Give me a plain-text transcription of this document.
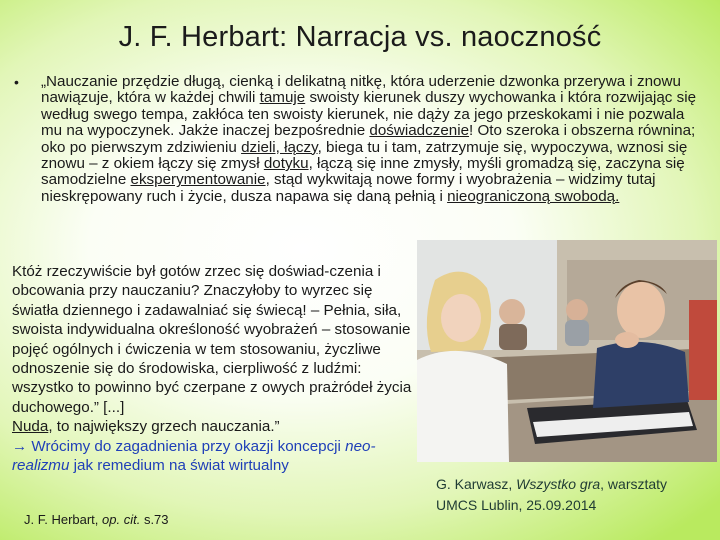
J. F. Herbart: Narracja vs. naoczność
• „Nauczanie przędzie długą, cienką i delikatną nitkę, która uderzenie dzwonka przerywa i znowu nawiązuje, która w każdej chwili tamuje swoisty kierunek duszy wychowanka i która rozwijając się według swego tempa, zakłóca ten swoisty kierunek, nie dąży za jego przeskokami i nie pozwala mu na wypoczynek. Jakże inaczej bezpośrednie doświadczenie! Oto szeroka i obszerna równina; oko po pierwszym zdziwieniu dzieli, łączy, biega tu i tam, zatrzymuje się, wypoczywa, wznosi się znowu – z okiem łączy się zmysł dotyku, łączą się inne zmysły, myśli gromadzą się, zaczyna się samodzielne eksperymentowanie, stąd wykwitają nowe formy i wyobrażenia – widzimy tutaj nieskrępowany ruch i życie, dusza napawa się daną pełnią i nieograniczoną swobodą.
Któż rzeczywiście był gotów zrzec się doświad-czenia i obcowania przy nauczaniu? Znaczyłoby to wyrzec się światła dziennego i zadawalniać się świecą! – Pełnia, siła, swoista indywidualna określoność wyobrażeń – stosowanie pojęć ogólnych i ćwiczenia w tem stosowaniu, życzliwe odnoszenie się do środowiska, cierpliwość z ludźmi: wszystko to powinno być czerpane z owych prażródeł życia duchowego.” [...]
Nuda, to największy grzech nauczania.”
→ Wrócimy do zagadnienia przy okazji koncepcji neo-realizmu jak remedium na świat wirtualny
J. F. Herbart, op. cit. s.73
G. Karwasz, Wszystko gra, warsztaty
UMCS Lublin, 25.09.2014
